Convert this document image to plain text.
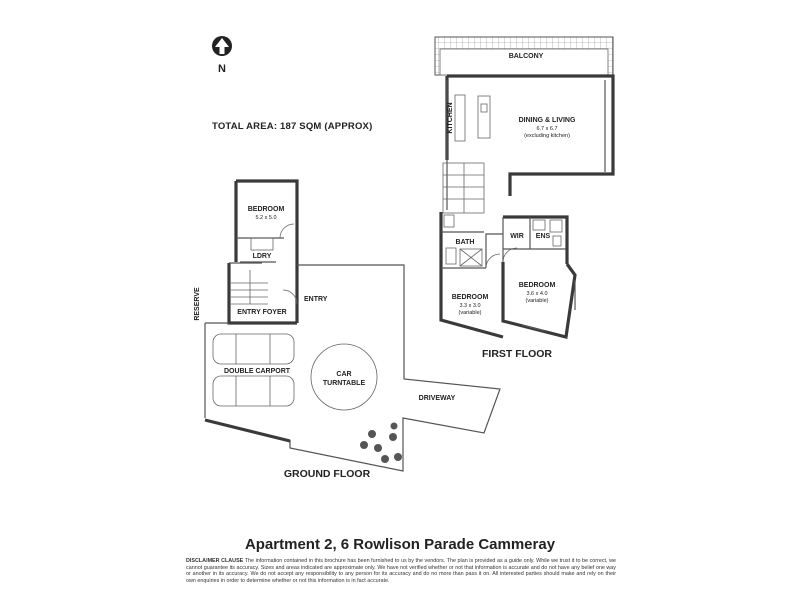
N
TOTAL AREA: 187 SQM (APPROX)
BEDROOM
5.2 x 5.0
LDRY
ENTRY FOYER
ENTRY
RESERVE
DOUBLE CARPORT	CAR
TURNTABLE
DRIVEWAY
GROUND FLOOR
BALCONY
KITCHEN	DINING & LIVING
6.7 x 6.7
(excluding kitchen)
BATH
WIR ENS
BEDROOM
3.3 x 3.0
(variable)
BEDROOM
3.6 x 4.0
(variable)
FIRST FLOOR
Apartment 2, 6 Rowlison Parade Cammeray
DISCLAIMER CLAUSE The information contained in this brochure has been furnished to us by the vendors. The plan is provided as a guide only. While we trust it to be correct, we cannot guarantee its accuracy. Sizes and areas indicated are approximate only. We have not verified whether or not that information is accurate and do not have any belief one way or another in its accuracy. We do not accept any responsibility to any person for its accuracy and do no more than pass it on. All interested parties should make and rely on their own enquiries in order to determine whether or not this information is in fact accurate.
